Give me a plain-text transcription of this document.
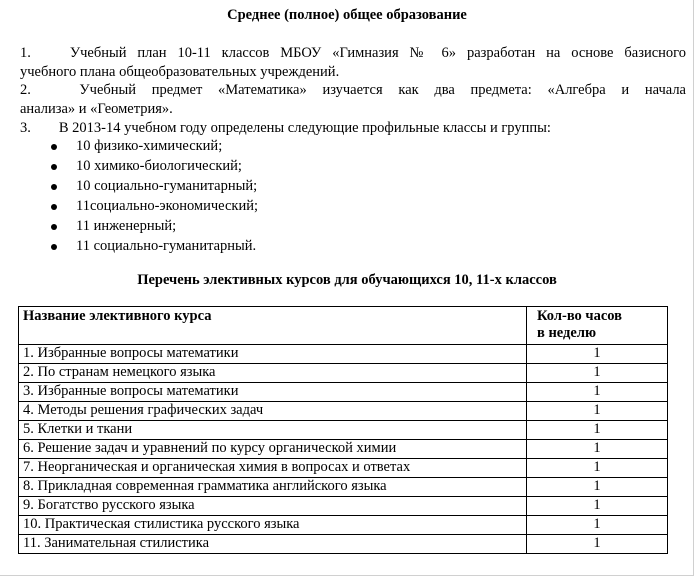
Среднее (полное) общее образование
1.	Учебный план 10-11 классов МБОУ «Гимназия № 6» разработан на основе базисного
учебного плана общеобразовательных учреждений.
2.	Учебный предмет «Математика» изучается как два предмета: «Алгебра и начала
анализа» и «Геометрия».
3.   В 2013-14 учебном году определены следующие профильные классы и группы:
10 физико-химический;
10 химико-биологический;
10 социально-гуманитарный;
11социально-экономический;
11 инженерный;
11 социально-гуманитарный.
Перечень элективных курсов для обучающихся 10, 11-х классов
Название элективного курса	Кол-во часов
в неделю

1. Избранные вопросы математики	1
2. По странам немецкого языка	1
3. Избранные вопросы математики	1
4. Методы решения графических задач	1
5. Клетки и ткани	1
6. Решение задач и уравнений по курсу органической химии	1
7. Неорганическая и органическая химия в вопросах и ответах	1
8. Прикладная современная грамматика английского языка	1
9. Богатство русского языка	1
10. Практическая стилистика русского языка	1
11. Занимательная стилистика	1
